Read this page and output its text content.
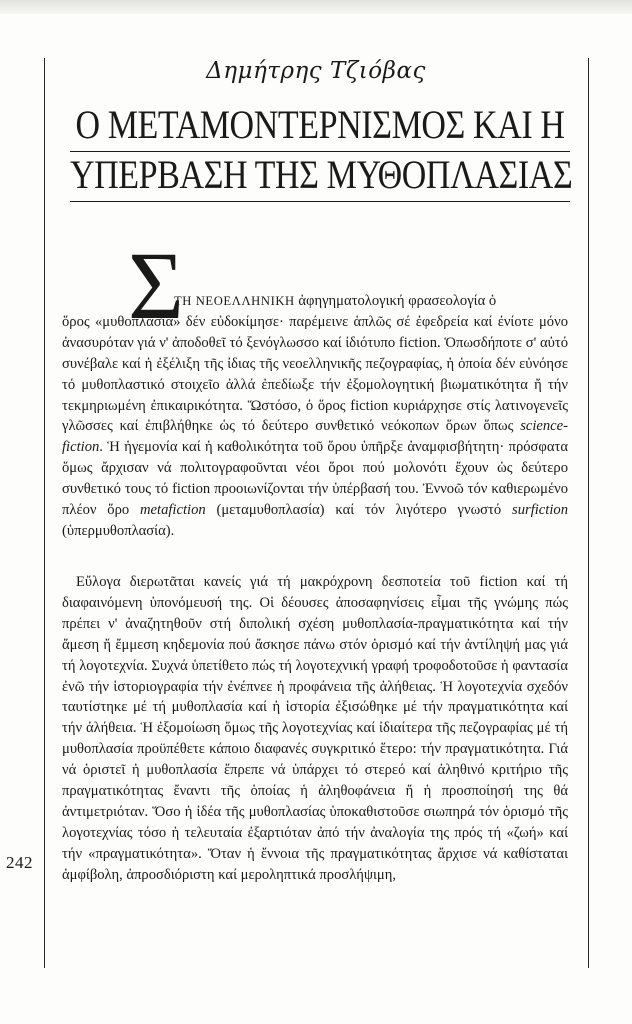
Δημήτρης Τζιόβας
Ο ΜΕΤΑΜΟΝΤΕΡΝΙΣΜΟΣ ΚΑΙ Η
ΥΠΕΡΒΑΣΗ ΤΗΣ ΜΥΘΟΠΛΑΣΙΑΣ
Σ
ΤΗ ΝΕΟΕΛΛΗΝΙΚΗ ἀφηγηματολογική φρασεολογία ὁ
ὅρος «μυθοπλασία» δέν εὐδοκίμησε· παρέμεινε ἁπλῶς σέ ἐφεδρεία καί ἐνίοτε μόνο ἀνασυρόταν γιά ν' ἀποδοθεῖ τό ξενόγλωσσο καί ἰδιότυπο fiction. Ὁπωσδήποτε σ' αὐτό συνέβαλε καί ἡ ἐξέλιξη τῆς ἰδιας τῆς νεοελληνικῆς πεζογραφίας, ἡ ὁποία δέν εὐνόησε τό μυθοπλαστικό στοιχεῖο ἀλλά ἐπεδίωξε τήν ἐξομολογητική βιωματικότητα ἤ τήν τεκμηριωμένη ἐπικαιρικότητα. Ὥστόσο, ὁ ὅρος fiction κυριάρχησε στίς λατινογενεῖς γλῶσσες καί ἐπιβλήθηκε ὡς τό δεύτερο συνθετικό νεόκοπων ὅρων ὅπως science-fiction. Ἡ ἡγεμονία καί ἡ καθολικότητα τοῦ ὅρου ὑπῆρξε ἀναμφισβήτητη· πρόσφατα ὅμως ἄρχισαν νά πολιτογραφοῦνται νέοι ὅροι πού μολονότι ἔχουν ὡς δεύτερο συνθετικό τους τό fiction προοιωνίζονται τήν ὑπέρβασή του. Ἐννοῶ τόν καθιερωμένο πλέον ὅρο metafiction (μεταμυθοπλασία) καί τόν λιγότερο γνωστό surfiction (ὑπερμυθοπλασία).
Εὔλογα διερωτᾶται κανείς γιά τή μακρόχρονη δεσποτεία τοῦ fiction καί τή διαφαινόμενη ὑπονόμευσή της. Οἱ δέουσες ἀποσαφηνίσεις εἶμαι τῆς γνώμης πώς πρέπει ν' ἀναζητηθοῦν στή διπολική σχέση μυθοπλασία-πραγματικότητα καί τήν ἄμεση ἤ ἔμμεση κηδεμονία πού ἄσκησε πάνω στόν ὁρισμό καί τήν ἀντίληψή μας γιά τή λογοτεχνία. Συχνά ὑπετίθετο πώς τή λογοτεχνική γραφή τροφοδοτοῦσε ἡ φαντασία ἐνῶ τήν ἱστοριογραφία τήν ἐνέπνεε ἡ προφάνεια τῆς ἀλήθειας. Ἡ λογοτεχνία σχεδόν ταυτίστηκε μέ τή μυθοπλασία καί ἡ ἱστορία ἐξισώθηκε μέ τήν πραγματικότητα καί τήν ἀλήθεια. Ἡ ἐξομοίωση ὅμως τῆς λογοτεχνίας καί ἰδιαίτερα τῆς πεζογραφίας μέ τή μυθοπλασία προϋπέθετε κάποιο διαφανές συγκριτικό ἕτερο: τήν πραγματικότητα. Γιά νά ὁριστεῖ ἡ μυθοπλασία ἔπρεπε νά ὑπάρχει τό στερεό καί ἀληθινό κριτήριο τῆς πραγματικότητας ἔναντι τῆς ὁποίας ἡ ἀληθοφάνεια ἤ ἡ προσποίησή της θά ἀντιμετριόταν. Ὅσο ἡ ἰδέα τῆς μυθοπλασίας ὑποκαθιστοῦσε σιωπηρά τόν ὁρισμό τῆς λογοτεχνίας τόσο ἡ τελευταία ἐξαρτιόταν ἀπό τήν ἀναλογία της πρός τή «ζωή» καί τήν «πραγματικότητα». Ὅταν ἡ ἔννοια τῆς πραγματικότητας ἄρχισε νά καθίσταται ἀμφίβολη, ἀπροσδιόριστη καί μεροληπτικά προσλήψιμη,
242
